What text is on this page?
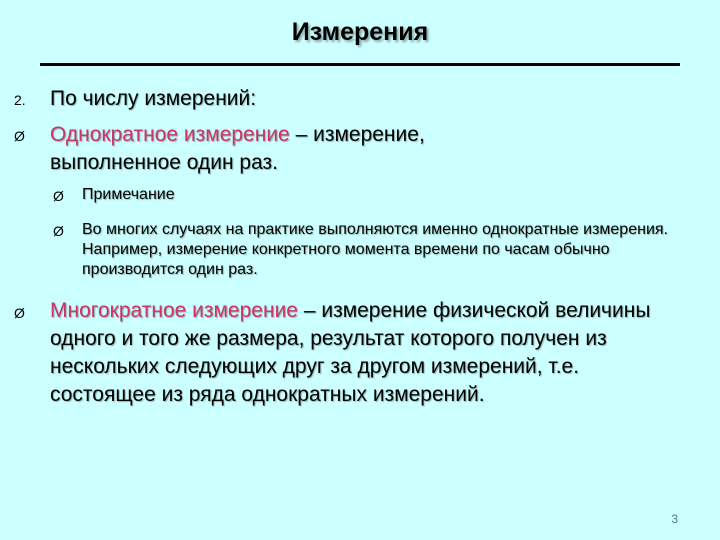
Измерения
2. По числу измерений:
Ø Однократное измерение – измерение, выполненное один раз.
Ø Примечание
Ø Во многих случаях на практике выполняются именно однократные измерения. Например, измерение конкретного момента времени по часам обычно производится один раз.
Ø Многократное измерение – измерение физической величины одного и того же размера, результат которого получен из нескольких следующих друг за другом измерений, т.е. состоящее из ряда однократных измерений.
3
